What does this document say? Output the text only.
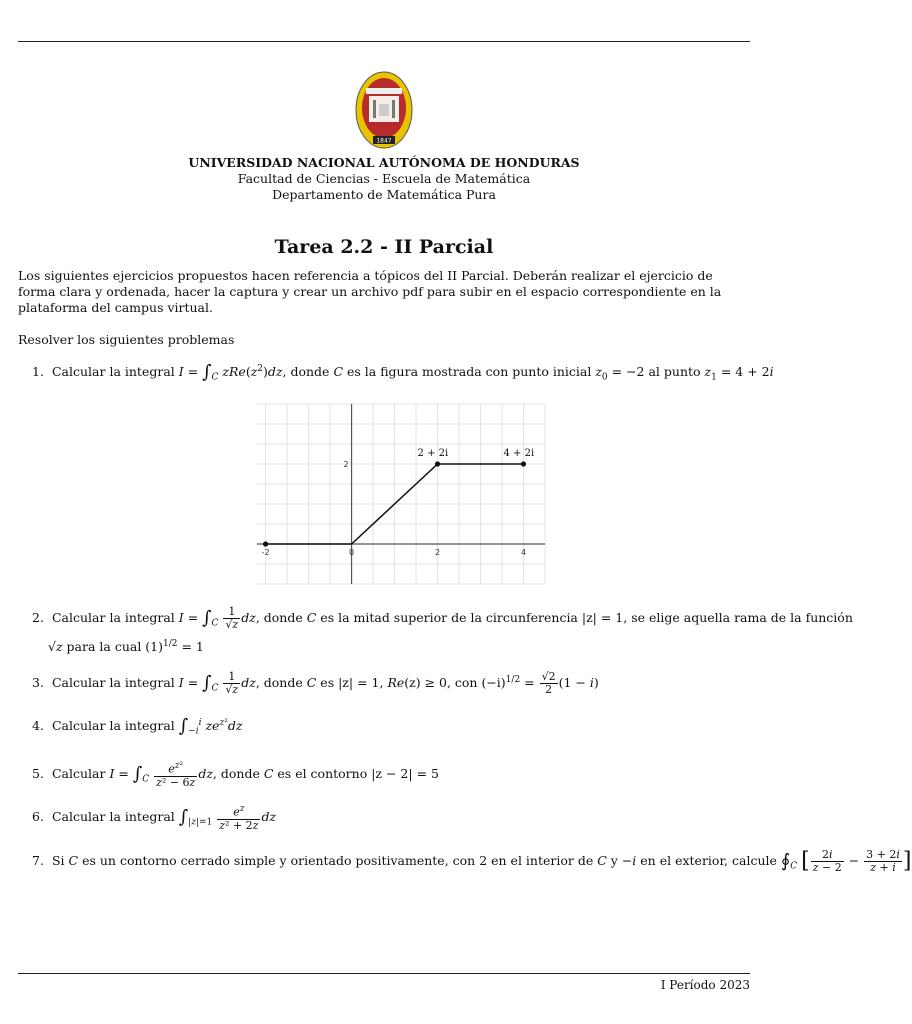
1847
UNIVERSIDAD NACIONAL AUTÓNOMA DE HONDURAS
Facultad de Ciencias - Escuela de Matemática
Departamento de Matemática Pura
Tarea 2.2 - II Parcial
Los siguientes ejercicios propuestos hacen referencia a tópicos del II Parcial. Deberán realizar el ejercicio de forma clara y ordenada, hacer la captura y crear un archivo pdf para subir en el espacio correspondiente en la plataforma del campus virtual.
Resolver los siguientes problemas
1. Calcular la integral $I = \int_C$ $zRe(z^2)dz$, donde C es la figura mostrada con punto inicial $z_0 = -2$ al punto $z_1 = 4 + 2i$
-2	0	2	4
2
2 + 2i	4 + 2i
2. Calcular la integral $I = \int_C \frac{1}{√z}$ dz, donde C es la mitad superior de la circunferencia |z| = 1, se elige aquella rama de la función
√z para la cual $(1)^{1/2} = 1$
3. Calcular la integral $I = \int_C \frac{1}{√z}$ dz, donde C es |z| = 1, Re(z) ≥ 0, con $(-i)^{1/2} = \frac{√2}{2} (1 - i)$
4. Calcular la integral $\int_{-i}^i$ $ze^{z^2}dz$
5. Calcular $I = \int_C \frac{e^{z^2}}{\text{z² − 6z}}$ dz, donde C es el contorno |z − 2| = 5
6. Calcular la integral $\int_{|z|=1} \frac{e^z}{\text{z² + 2z}}$ dz
7. Si C es un contorno cerrado simple y orientado positivamente, con 2 en el interior de C y −i en el exterior, calcule $∮_C$ [ $\frac{2i}{z - 2} - \frac{3 + 2i}{z + i}$ ]
I Período 2023
